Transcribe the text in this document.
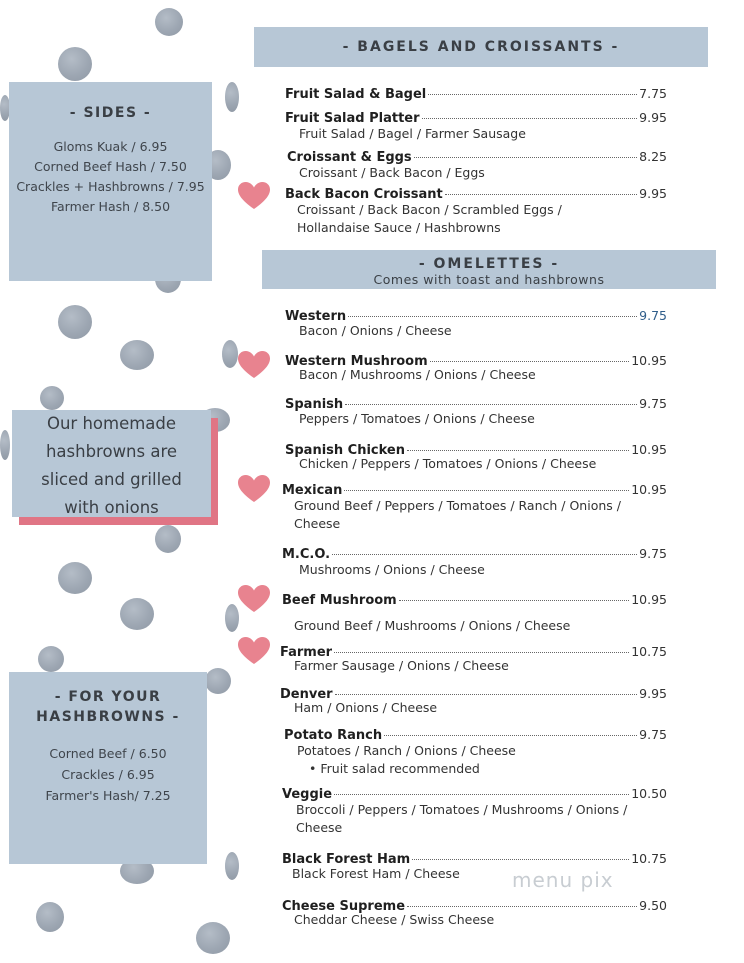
- SIDES -
Gloms Kuak / 6.95
Corned Beef Hash / 7.50
Crackles + Hashbrowns / 7.95
Farmer Hash / 8.50
Our homemade
hashbrowns are
sliced and grilled
with onions
- FOR YOUR
HASHBROWNS -
Corned Beef / 6.50
Crackles / 6.95
Farmer's Hash/ 7.25
- BAGELS AND CROISSANTS -
- OMELETTES -
Comes with toast and hashbrowns
Fruit Salad & Bagel	7.75
Fruit Salad Platter	9.95
Fruit Salad / Bagel / Farmer Sausage
Croissant & Eggs	8.25
Croissant / Back Bacon / Eggs
Back Bacon Croissant	9.95
Croissant / Back Bacon / Scrambled Eggs /
Hollandaise Sauce / Hashbrowns
Western	9.75
Bacon / Onions / Cheese
Western Mushroom	10.95
Bacon / Mushrooms / Onions / Cheese
Spanish	9.75
Peppers / Tomatoes / Onions / Cheese
Spanish Chicken	10.95
Chicken / Peppers / Tomatoes / Onions / Cheese
Mexican	10.95
Ground Beef / Peppers / Tomatoes / Ranch / Onions /
Cheese
M.C.O.	9.75
Mushrooms / Onions / Cheese
Beef Mushroom	10.95
Ground Beef / Mushrooms / Onions / Cheese
Farmer	10.75
Farmer Sausage / Onions / Cheese
Denver	9.95
Ham / Onions / Cheese
Potato Ranch	9.75
Potatoes / Ranch / Onions / Cheese
• Fruit salad recommended
Veggie	10.50
Broccoli / Peppers / Tomatoes / Mushrooms / Onions /
Cheese
Black Forest Ham	10.75
Black Forest Ham / Cheese
Cheese Supreme	9.50
Cheddar Cheese / Swiss Cheese
menu pix
